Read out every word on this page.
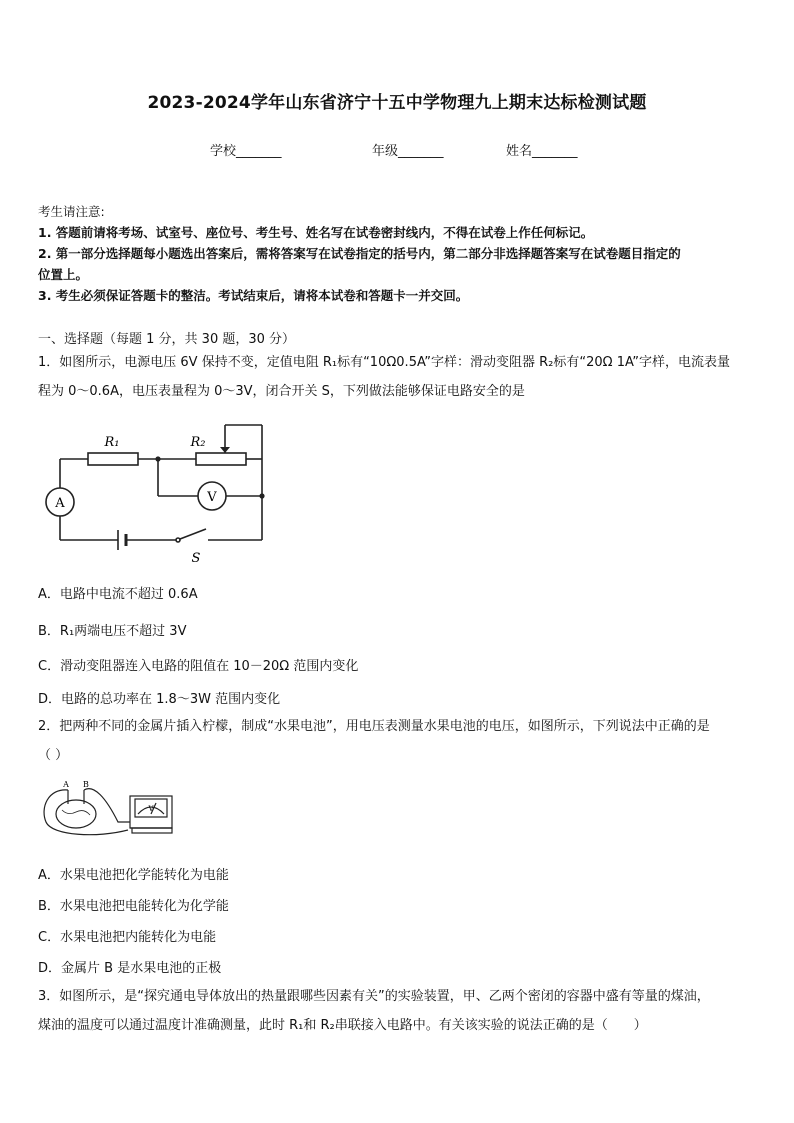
2023-2024学年山东省济宁十五中学物理九上期末达标检测试题
学校_______	年级_______	姓名_______
考生请注意:
1. 答题前请将考场、试室号、座位号、考生号、姓名写在试卷密封线内，不得在试卷上作任何标记。
2. 第一部分选择题每小题选出答案后，需将答案写在试卷指定的括号内，第二部分非选择题答案写在试卷题目指定的
位置上。
3. 考生必须保证答题卡的整洁。考试结束后，请将本试卷和答题卡一并交回。
一、选择题（每题 1 分，共 30 题，30 分）
1．如图所示，电源电压 6V 保持不变，定值电阻 R₁标有“10Ω0.5A”字样：滑动变阻器 R₂标有“20Ω 1A”字样，电流表量
程为 0～0.6A，电压表量程为 0～3V，闭合开关 S，下列做法能够保证电路安全的是
R₁	R₂
A	V
S
A．电路中电流不超过 0.6A
B．R₁两端电压不超过 3V
C．滑动变阻器连入电路的阻值在 10－20Ω 范围内变化
D．电路的总功率在 1.8～3W 范围内变化
2．把两种不同的金属片插入柠檬，制成“水果电池”，用电压表测量水果电池的电压，如图所示，下列说法中正确的是
（ ）
A B
V
A．水果电池把化学能转化为电能
B．水果电池把电能转化为化学能
C．水果电池把内能转化为电能
D．金属片 B 是水果电池的正极
3．如图所示，是“探究通电导体放出的热量跟哪些因素有关”的实验装置，甲、乙两个密闭的容器中盛有等量的煤油，
煤油的温度可以通过温度计准确测量，此时 R₁和 R₂串联接入电路中。有关该实验的说法正确的是（　　）
